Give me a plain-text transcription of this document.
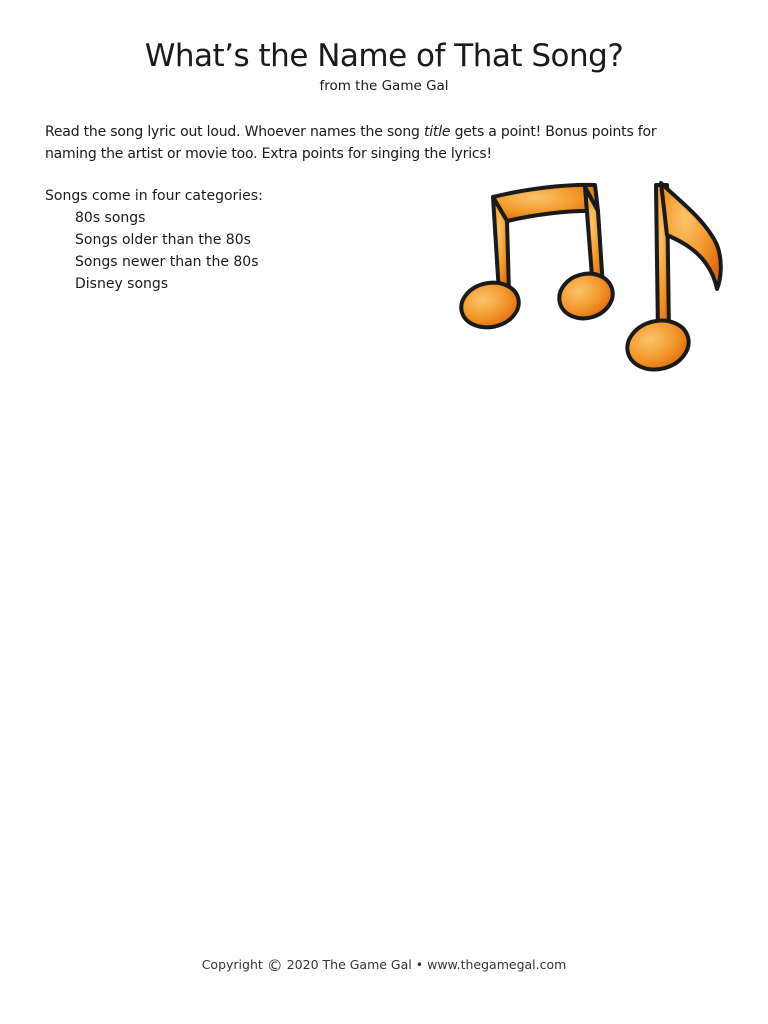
What’s the Name of That Song?

from the Game Gal

Read the song lyric out loud. Whoever names the song title gets a point! Bonus points for naming the artist or movie too. Extra points for singing the lyrics!

Songs come in four categories:

80s songs
Songs older than the 80s
Songs newer than the 80s
Disney songs
Copyright © 2020 The Game Gal • www.thegamegal.com
